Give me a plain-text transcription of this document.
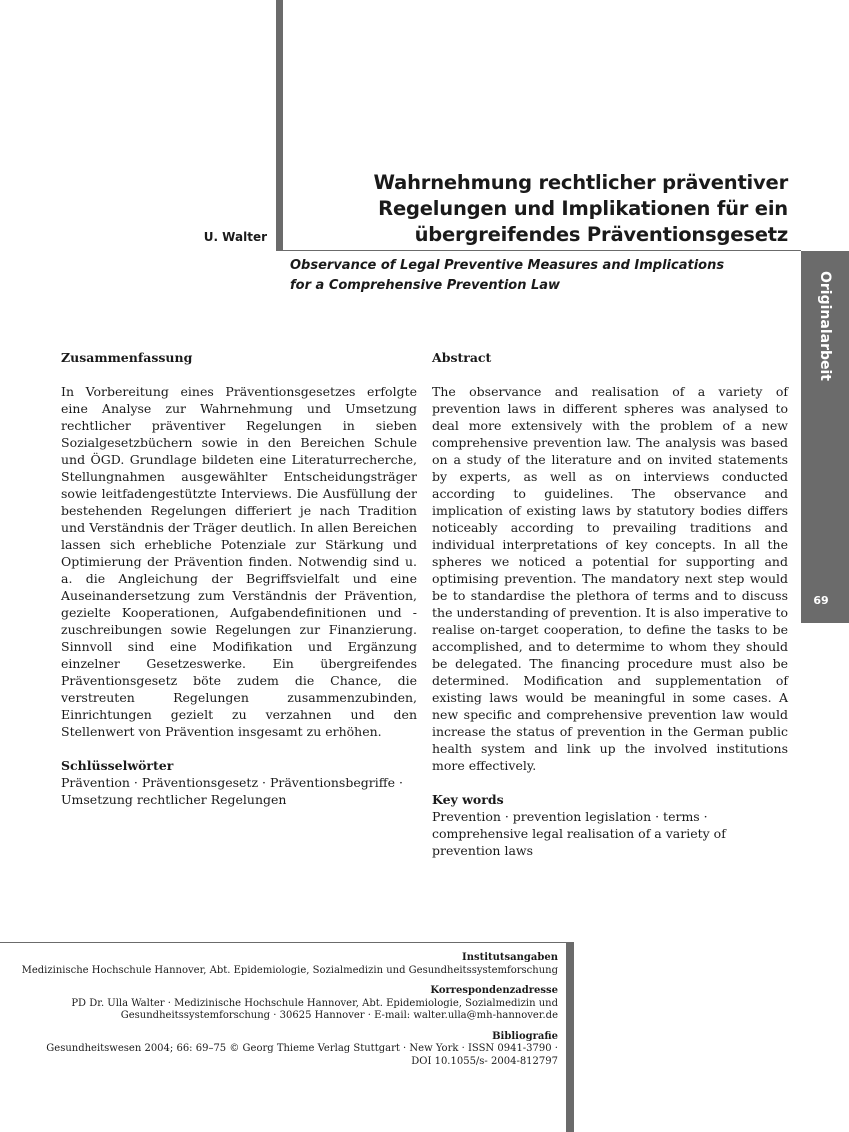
U. Walter
Wahrnehmung rechtlicher präventiver
Regelungen und Implikationen für ein
übergreifendes Präventionsgesetz
Observance of Legal Preventive Measures and Implications
for a Comprehensive Prevention Law	Originalarbeit
69
Zusammenfassung

In Vorbereitung eines Präventionsgesetzes erfolgte eine Analyse zur Wahrnehmung und Umsetzung rechtlicher präventiver Regelungen in sieben Sozialgesetzbüchern sowie in den Bereichen Schule und ÖGD. Grundlage bildeten eine Literaturrecherche, Stellungnahmen ausgewählter Entscheidungsträger sowie leitfadengestützte Interviews. Die Ausfüllung der bestehenden Regelungen differiert je nach Tradition und Verständnis der Träger deutlich. In allen Bereichen lassen sich erhebliche Potenziale zur Stärkung und Optimierung der Prävention finden. Notwendig sind u. a. die Angleichung der Begriffsvielfalt und eine Auseinandersetzung zum Verständnis der Prävention, gezielte Kooperationen, Aufgabendefinitionen und -zuschreibungen sowie Regelungen zur Finanzierung. Sinnvoll sind eine Modifikation und Ergänzung einzelner Gesetzeswerke. Ein übergreifendes Präventionsgesetz böte zudem die Chance, die verstreuten Regelungen zusammenzubinden, Einrichtungen gezielt zu verzahnen und den Stellenwert von Prävention insgesamt zu erhöhen.

Schlüsselwörter

Prävention · Präventionsgesetz · Präventionsbegriffe · Umsetzung rechtlicher Regelungen

Abstract

The observance and realisation of a variety of prevention laws in different spheres was analysed to deal more extensively with the problem of a new comprehensive prevention law. The analysis was based on a study of the literature and on invited statements by experts, as well as on interviews conducted according to guidelines. The observance and implication of existing laws by statutory bodies differs noticeably according to prevailing traditions and individual interpretations of key concepts. In all the spheres we noticed a potential for supporting and optimising prevention. The mandatory next step would be to standardise the plethora of terms and to discuss the understanding of prevention. It is also imperative to realise on-target cooperation, to define the tasks to be accomplished, and to determime to whom they should be delegated. The financing procedure must also be determined. Modification and supplementation of existing laws would be meaningful in some cases. A new specific and comprehensive prevention law would increase the status of prevention in the German public health system and link up the involved institutions more effectively.

Key words

Prevention · prevention legislation · terms · comprehensive legal realisation of a variety of prevention laws

Institutsangaben
Medizinische Hochschule Hannover, Abt. Epidemiologie, Sozialmedizin und Gesundheitssystemforschung
Korrespondenzadresse
PD Dr. Ulla Walter · Medizinische Hochschule Hannover, Abt. Epidemiologie, Sozialmedizin und
Gesundheitssystemforschung · 30625 Hannover · E-mail: walter.ulla@mh-hannover.de
Bibliografie
Gesundheitswesen 2004; 66: 69–75 © Georg Thieme Verlag Stuttgart · New York · ISSN 0941-3790 ·
DOI 10.1055/s- 2004-812797
